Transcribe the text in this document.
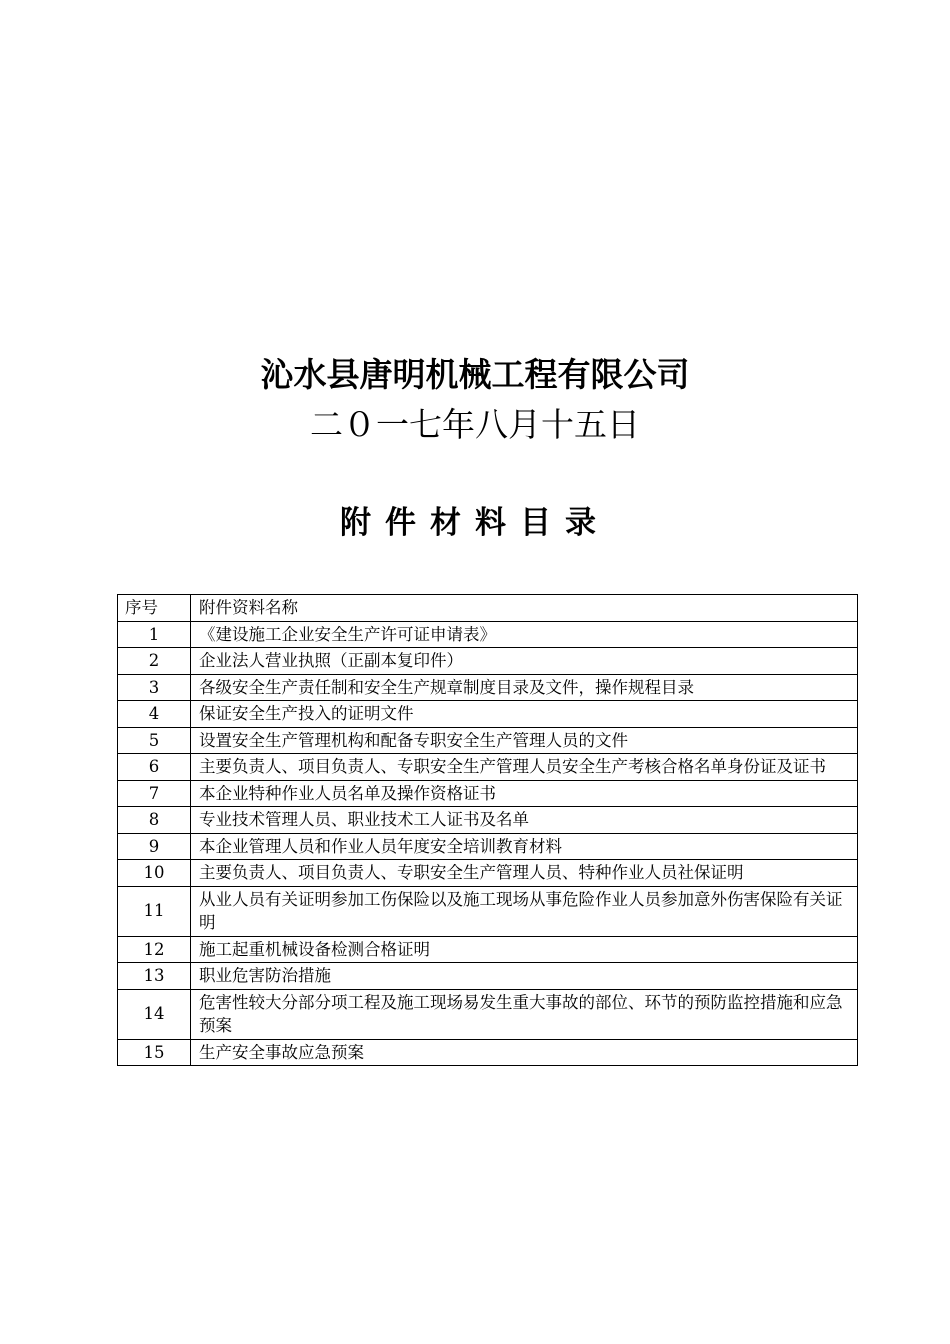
沁水县唐明机械工程有限公司
二０一七年八月十五日
附件材料目录
序号	附件资料名称
1	《建设施工企业安全生产许可证申请表》
2	企业法人营业执照（正副本复印件）
3	各级安全生产责任制和安全生产规章制度目录及文件，操作规程目录
4	保证安全生产投入的证明文件
5	设置安全生产管理机构和配备专职安全生产管理人员的文件
6	主要负责人、项目负责人、专职安全生产管理人员安全生产考核合格名单身份证及证书
7	本企业特种作业人员名单及操作资格证书
8	专业技术管理人员、职业技术工人证书及名单
9	本企业管理人员和作业人员年度安全培训教育材料
10	主要负责人、项目负责人、专职安全生产管理人员、特种作业人员社保证明
11	从业人员有关证明参加工伤保险以及施工现场从事危险作业人员参加意外伤害保险有关证明
12	施工起重机械设备检测合格证明
13	职业危害防治措施
14	危害性较大分部分项工程及施工现场易发生重大事故的部位、环节的预防监控措施和应急预案
15	生产安全事故应急预案
